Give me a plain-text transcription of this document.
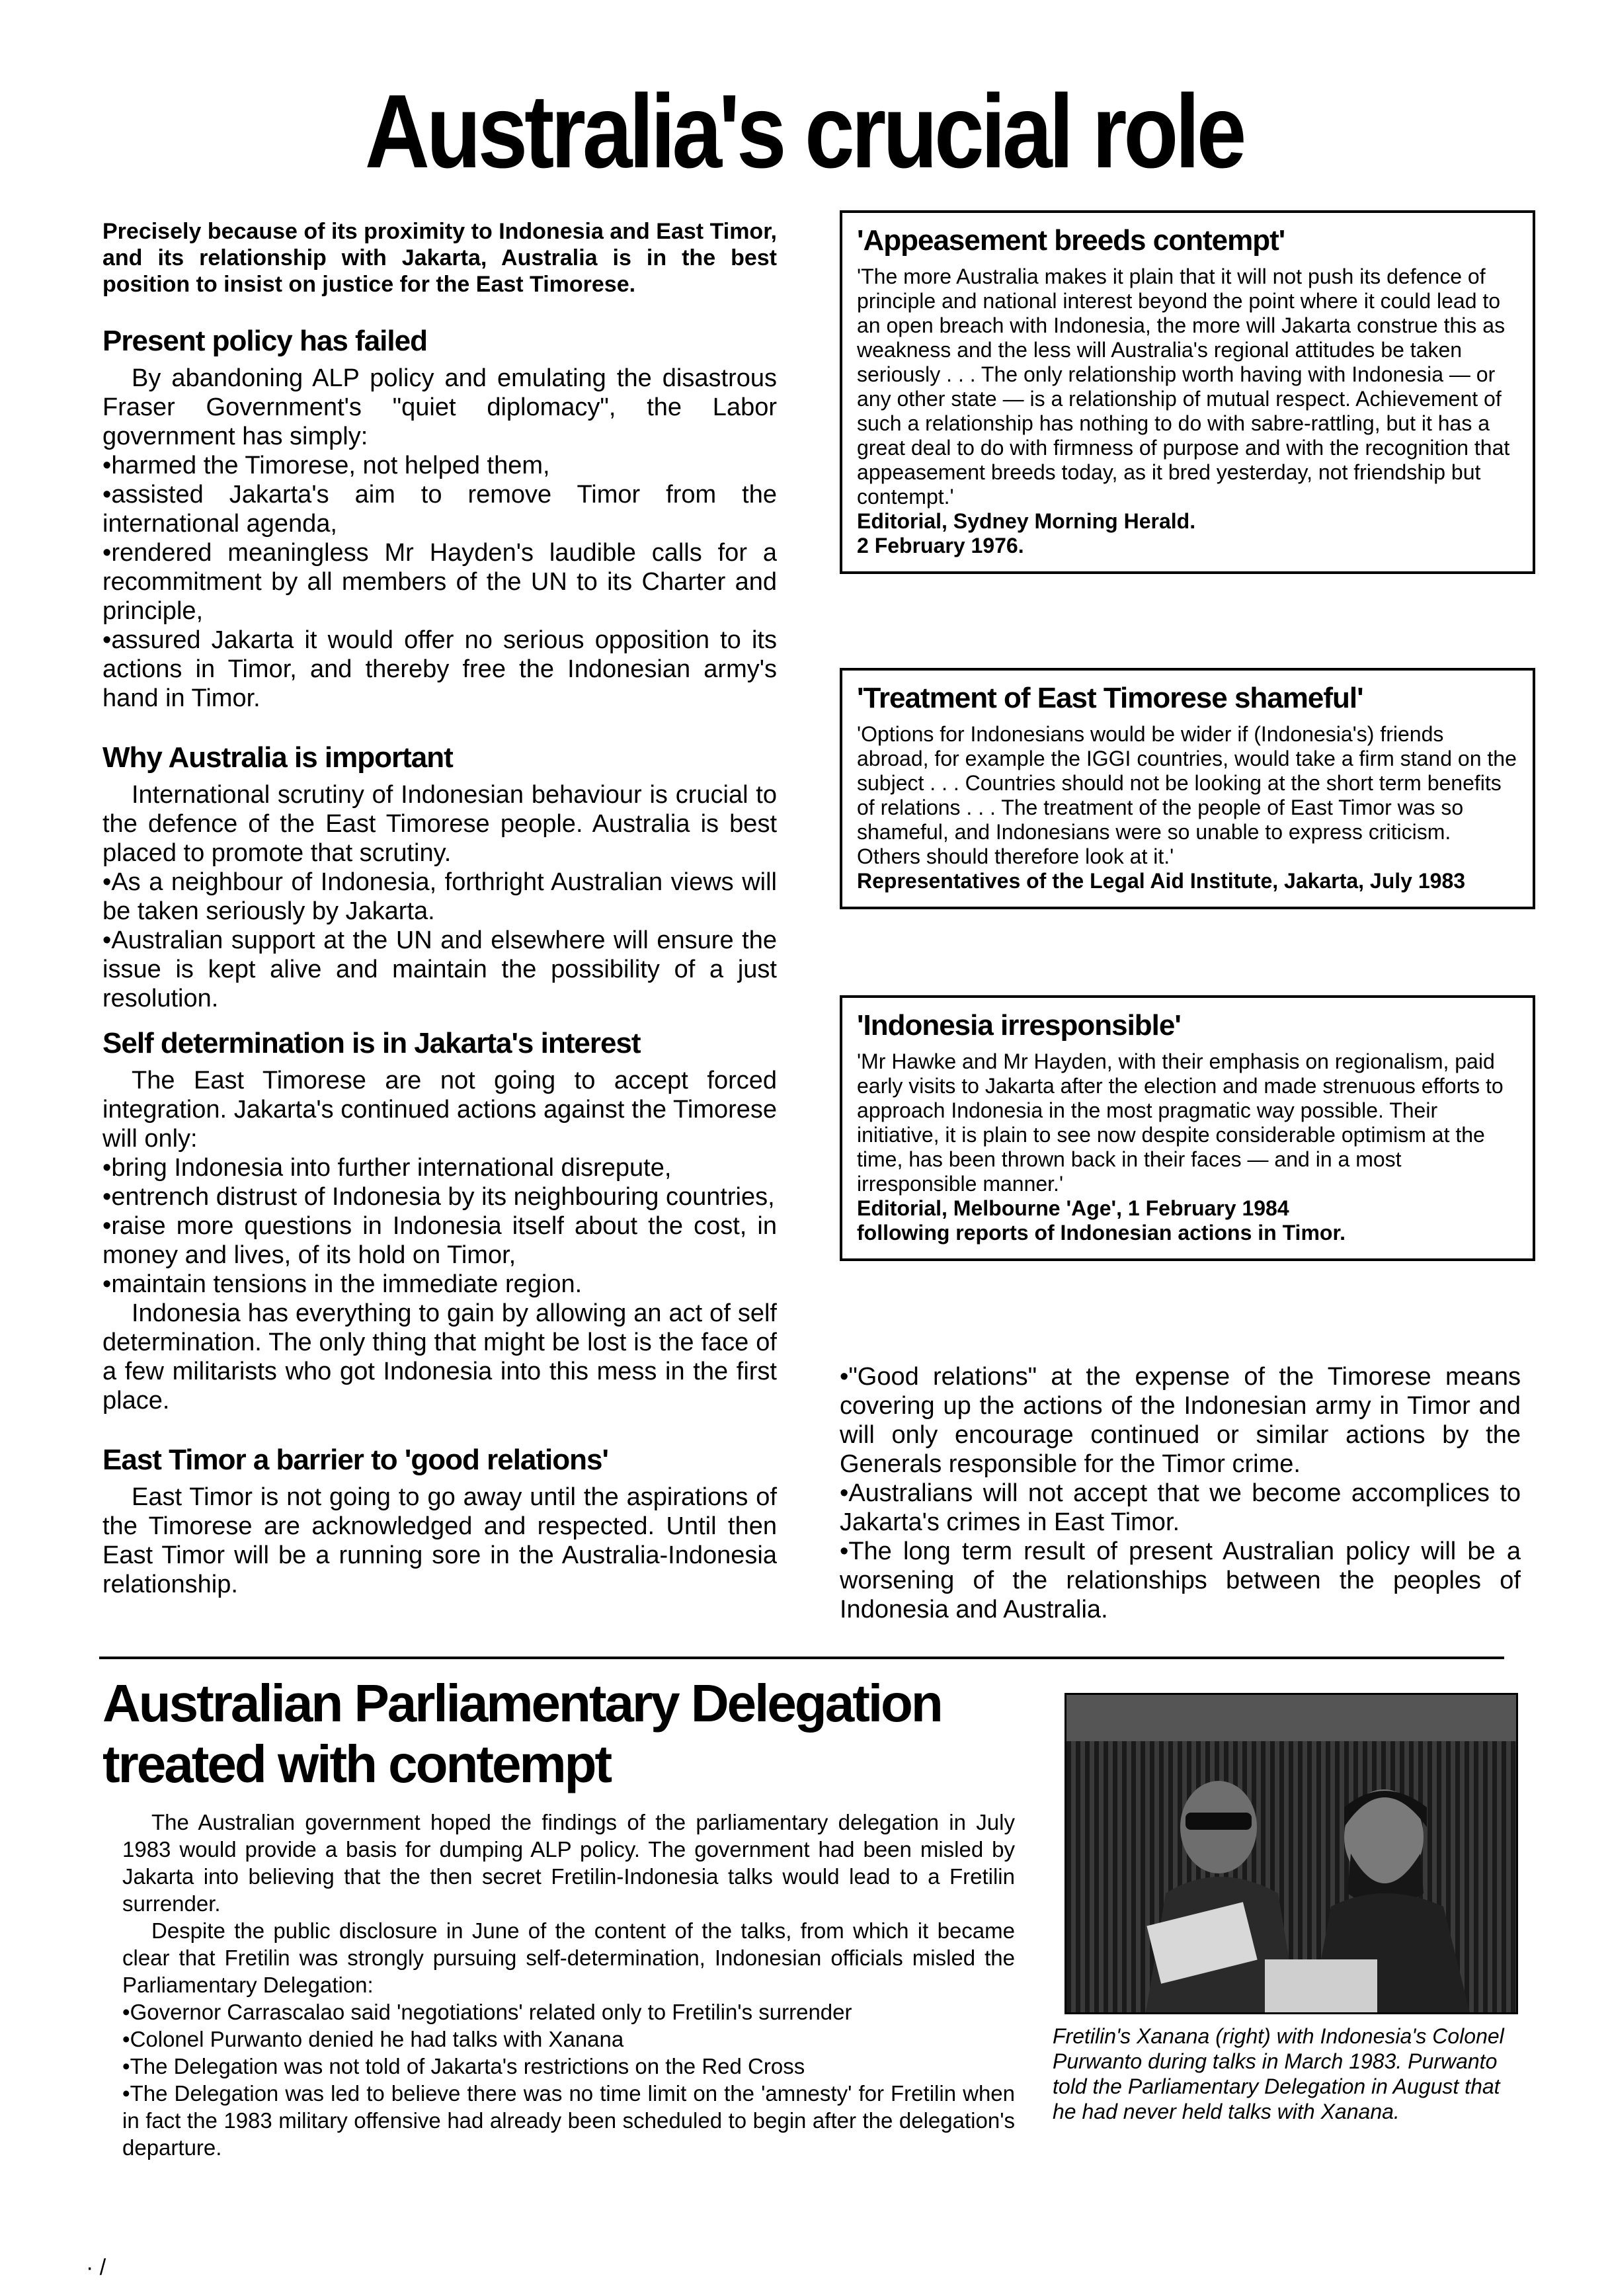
Australia's crucial role

Precisely because of its proximity to Indonesia and East Timor, and its relationship with Jakarta, Australia is in the best position to insist on justice for the East Timorese.

Present policy has failed

By abandoning ALP policy and emulating the disastrous Fraser Government's "quiet diplomacy", the Labor government has simply:

• harmed the Timorese, not helped them,
• assisted Jakarta's aim to remove Timor from the international agenda,
• rendered meaningless Mr Hayden's laudible calls for a recommitment by all members of the UN to its Charter and principle,
• assured Jakarta it would offer no serious opposition to its actions in Timor, and thereby free the Indonesian army's hand in Timor.
Why Australia is important

International scrutiny of Indonesian behaviour is crucial to the defence of the East Timorese people. Australia is best placed to promote that scrutiny.

• As a neighbour of Indonesia, forthright Australian views will be taken seriously by Jakarta.
• Australian support at the UN and elsewhere will ensure the issue is kept alive and maintain the possibility of a just resolution.
Self determination is in Jakarta's interest

The East Timorese are not going to accept forced integration. Jakarta's continued actions against the Timorese will only:

• bring Indonesia into further international disrepute,
• entrench distrust of Indonesia by its neighbouring countries,
• raise more questions in Indonesia itself about the cost, in money and lives, of its hold on Timor,
• maintain tensions in the immediate region.

Indonesia has everything to gain by allowing an act of self determination. The only thing that might be lost is the face of a few militarists who got Indonesia into this mess in the first place.

East Timor a barrier to 'good relations'

East Timor is not going to go away until the aspirations of the Timorese are acknowledged and respected. Until then East Timor will be a running sore in the Australia-Indonesia relationship.

'Appeasement breeds contempt'

'The more Australia makes it plain that it will not push its defence of principle and national interest beyond the point where it could lead to an open breach with Indonesia, the more will Jakarta construe this as weakness and the less will Australia's regional attitudes be taken seriously . . . The only relationship worth having with Indonesia — or any other state — is a relationship of mutual respect. Achievement of such a relationship has nothing to do with sabre-rattling, but it has a great deal to do with firmness of purpose and with the recognition that appeasement breeds today, as it bred yesterday, not friendship but contempt.'

Editorial, Sydney Morning Herald.

2 February 1976.

'Treatment of East Timorese shameful'

'Options for Indonesians would be wider if (Indonesia's) friends abroad, for example the IGGI countries, would take a firm stand on the subject . . . Countries should not be looking at the short term benefits of relations . . . The treatment of the people of East Timor was so shameful, and Indonesians were so unable to express criticism. Others should therefore look at it.'

Representatives of the Legal Aid Institute, Jakarta, July 1983

'Indonesia irresponsible'

'Mr Hawke and Mr Hayden, with their emphasis on regionalism, paid early visits to Jakarta after the election and made strenuous efforts to approach Indonesia in the most pragmatic way possible. Their initiative, it is plain to see now despite considerable optimism at the time, has been thrown back in their faces — and in a most irresponsible manner.'

Editorial, Melbourne 'Age', 1 February 1984

following reports of Indonesian actions in Timor.

• "Good relations" at the expense of the Timorese means covering up the actions of the Indonesian army in Timor and will only encourage continued or similar actions by the Generals responsible for the Timor crime.
• Australians will not accept that we become accomplices to Jakarta's crimes in East Timor.
• The long term result of present Australian policy will be a worsening of the relationships between the peoples of Indonesia and Australia.
Australian Parliamentary Delegation
treated with contempt

The Australian government hoped the findings of the parliamentary delegation in July 1983 would provide a basis for dumping ALP policy. The government had been misled by Jakarta into believing that the then secret Fretilin-Indonesia talks would lead to a Fretilin surrender.

Despite the public disclosure in June of the content of the talks, from which it became clear that Fretilin was strongly pursuing self-determination, Indonesian officials misled the Parliamentary Delegation:

• Governor Carrascalao said 'negotiations' related only to Fretilin's surrender
• Colonel Purwanto denied he had talks with Xanana
• The Delegation was not told of Jakarta's restrictions on the Red Cross
• The Delegation was led to believe there was no time limit on the 'amnesty' for Fretilin when in fact the 1983 military offensive had already been scheduled to begin after the delegation's departure.

Fretilin's Xanana (right) with Indonesia's Colonel Purwanto during talks in March 1983. Purwanto told the Parliamentary Delegation in August that he had never held talks with Xanana.

· /
